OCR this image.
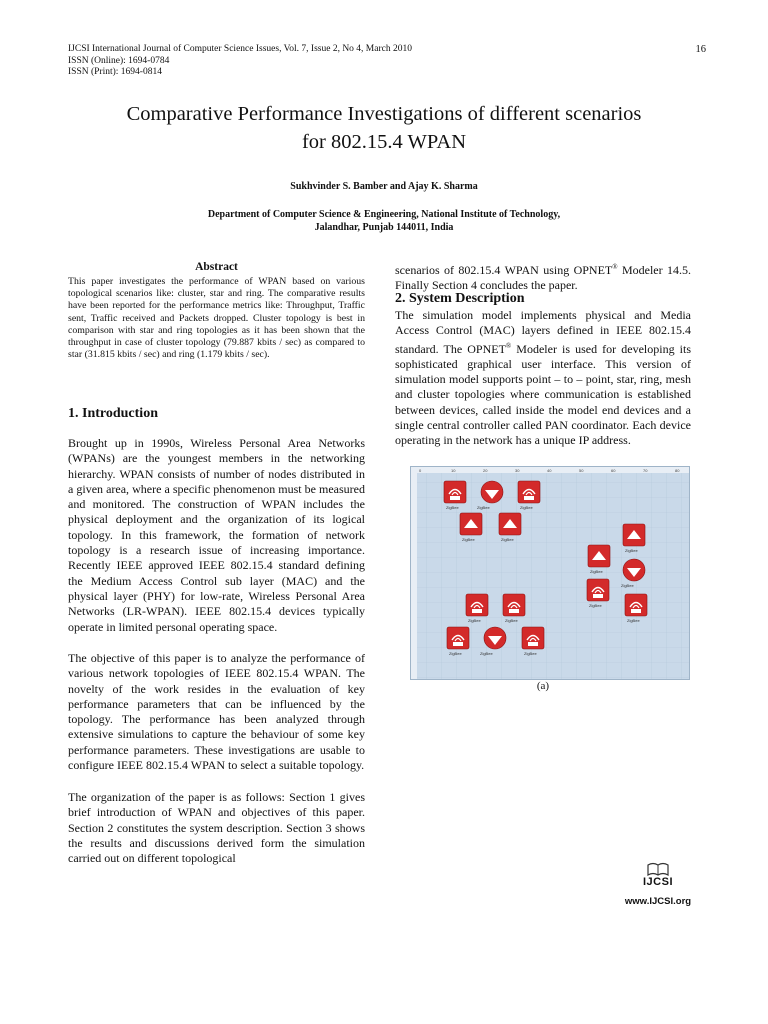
IJCSI International Journal of Computer Science Issues, Vol. 7, Issue 2, No 4, March 2010
ISSN (Online): 1694-0784
ISSN (Print): 1694-0814
16
Comparative Performance Investigations of different scenarios
for 802.15.4 WPAN
Sukhvinder S. Bamber and Ajay K. Sharma
Department of Computer Science & Engineering, National Institute of Technology,
Jalandhar, Punjab 144011, India
Abstract
This paper investigates the performance of WPAN based on various topological scenarios like: cluster, star and ring. The comparative results have been reported for the performance metrics like: Throughput, Traffic sent, Traffic received and Packets dropped. Cluster topology is best in comparison with star and ring topologies as it has been shown that the throughput in case of cluster topology (79.887 kbits / sec) as compared to star (31.815 kbits / sec) and ring (1.179 kbits / sec).
1. Introduction
Brought up in 1990s, Wireless Personal Area Networks (WPANs) are the youngest members in the networking hierarchy. WPAN consists of number of nodes distributed in a given area, where a specific phenomenon must be measured and monitored. The construction of WPAN includes the physical deployment and the organization of its logical topology. In this framework, the formation of network topology is a research issue of increasing importance. Recently IEEE approved IEEE 802.15.4 standard defining the Medium Access Control sub layer (MAC) and the physical layer (PHY) for low-rate, Wireless Personal Area Networks (LR-WPAN). IEEE 802.15.4 devices typically operate in limited personal operating space.
The objective of this paper is to analyze the performance of various network topologies of IEEE 802.15.4 WPAN. The novelty of the work resides in the evaluation of key performance parameters that can be influenced by the topology. The performance has been analyzed through extensive simulations to capture the behaviour of some key performance parameters. These investigations are usable to configure IEEE 802.15.4 WPAN to select a suitable topology.
The organization of the paper is as follows: Section 1 gives brief introduction of WPAN and objectives of this paper. Section 2 constitutes the system description. Section 3 shows the results and discussions derived form the simulation carried out on different topological
scenarios of 802.15.4 WPAN using OPNET® Modeler 14.5. Finally Section 4 concludes the paper.
2. System Description
The simulation model implements physical and Media Access Control (MAC) layers defined in IEEE 802.15.4 standard. The OPNET® Modeler is used for developing its sophisticated graphical user interface. This version of simulation model supports point – to – point, star, ring, mesh and cluster topologies where communication is established between devices, called inside the model end devices and a single central controller called PAN coordinator. Each device operating in the network has a unique IP address.
0	10	20	30	40	50	60	70	80
ZigBee	ZigBee	ZigBee
ZigBee	ZigBee
ZigBee
ZigBee
ZigBee
ZigBee
ZigBee
ZigBee	ZigBee
ZigBee	ZigBee	ZigBee
(a)
IJCSI
www.IJCSI.org
